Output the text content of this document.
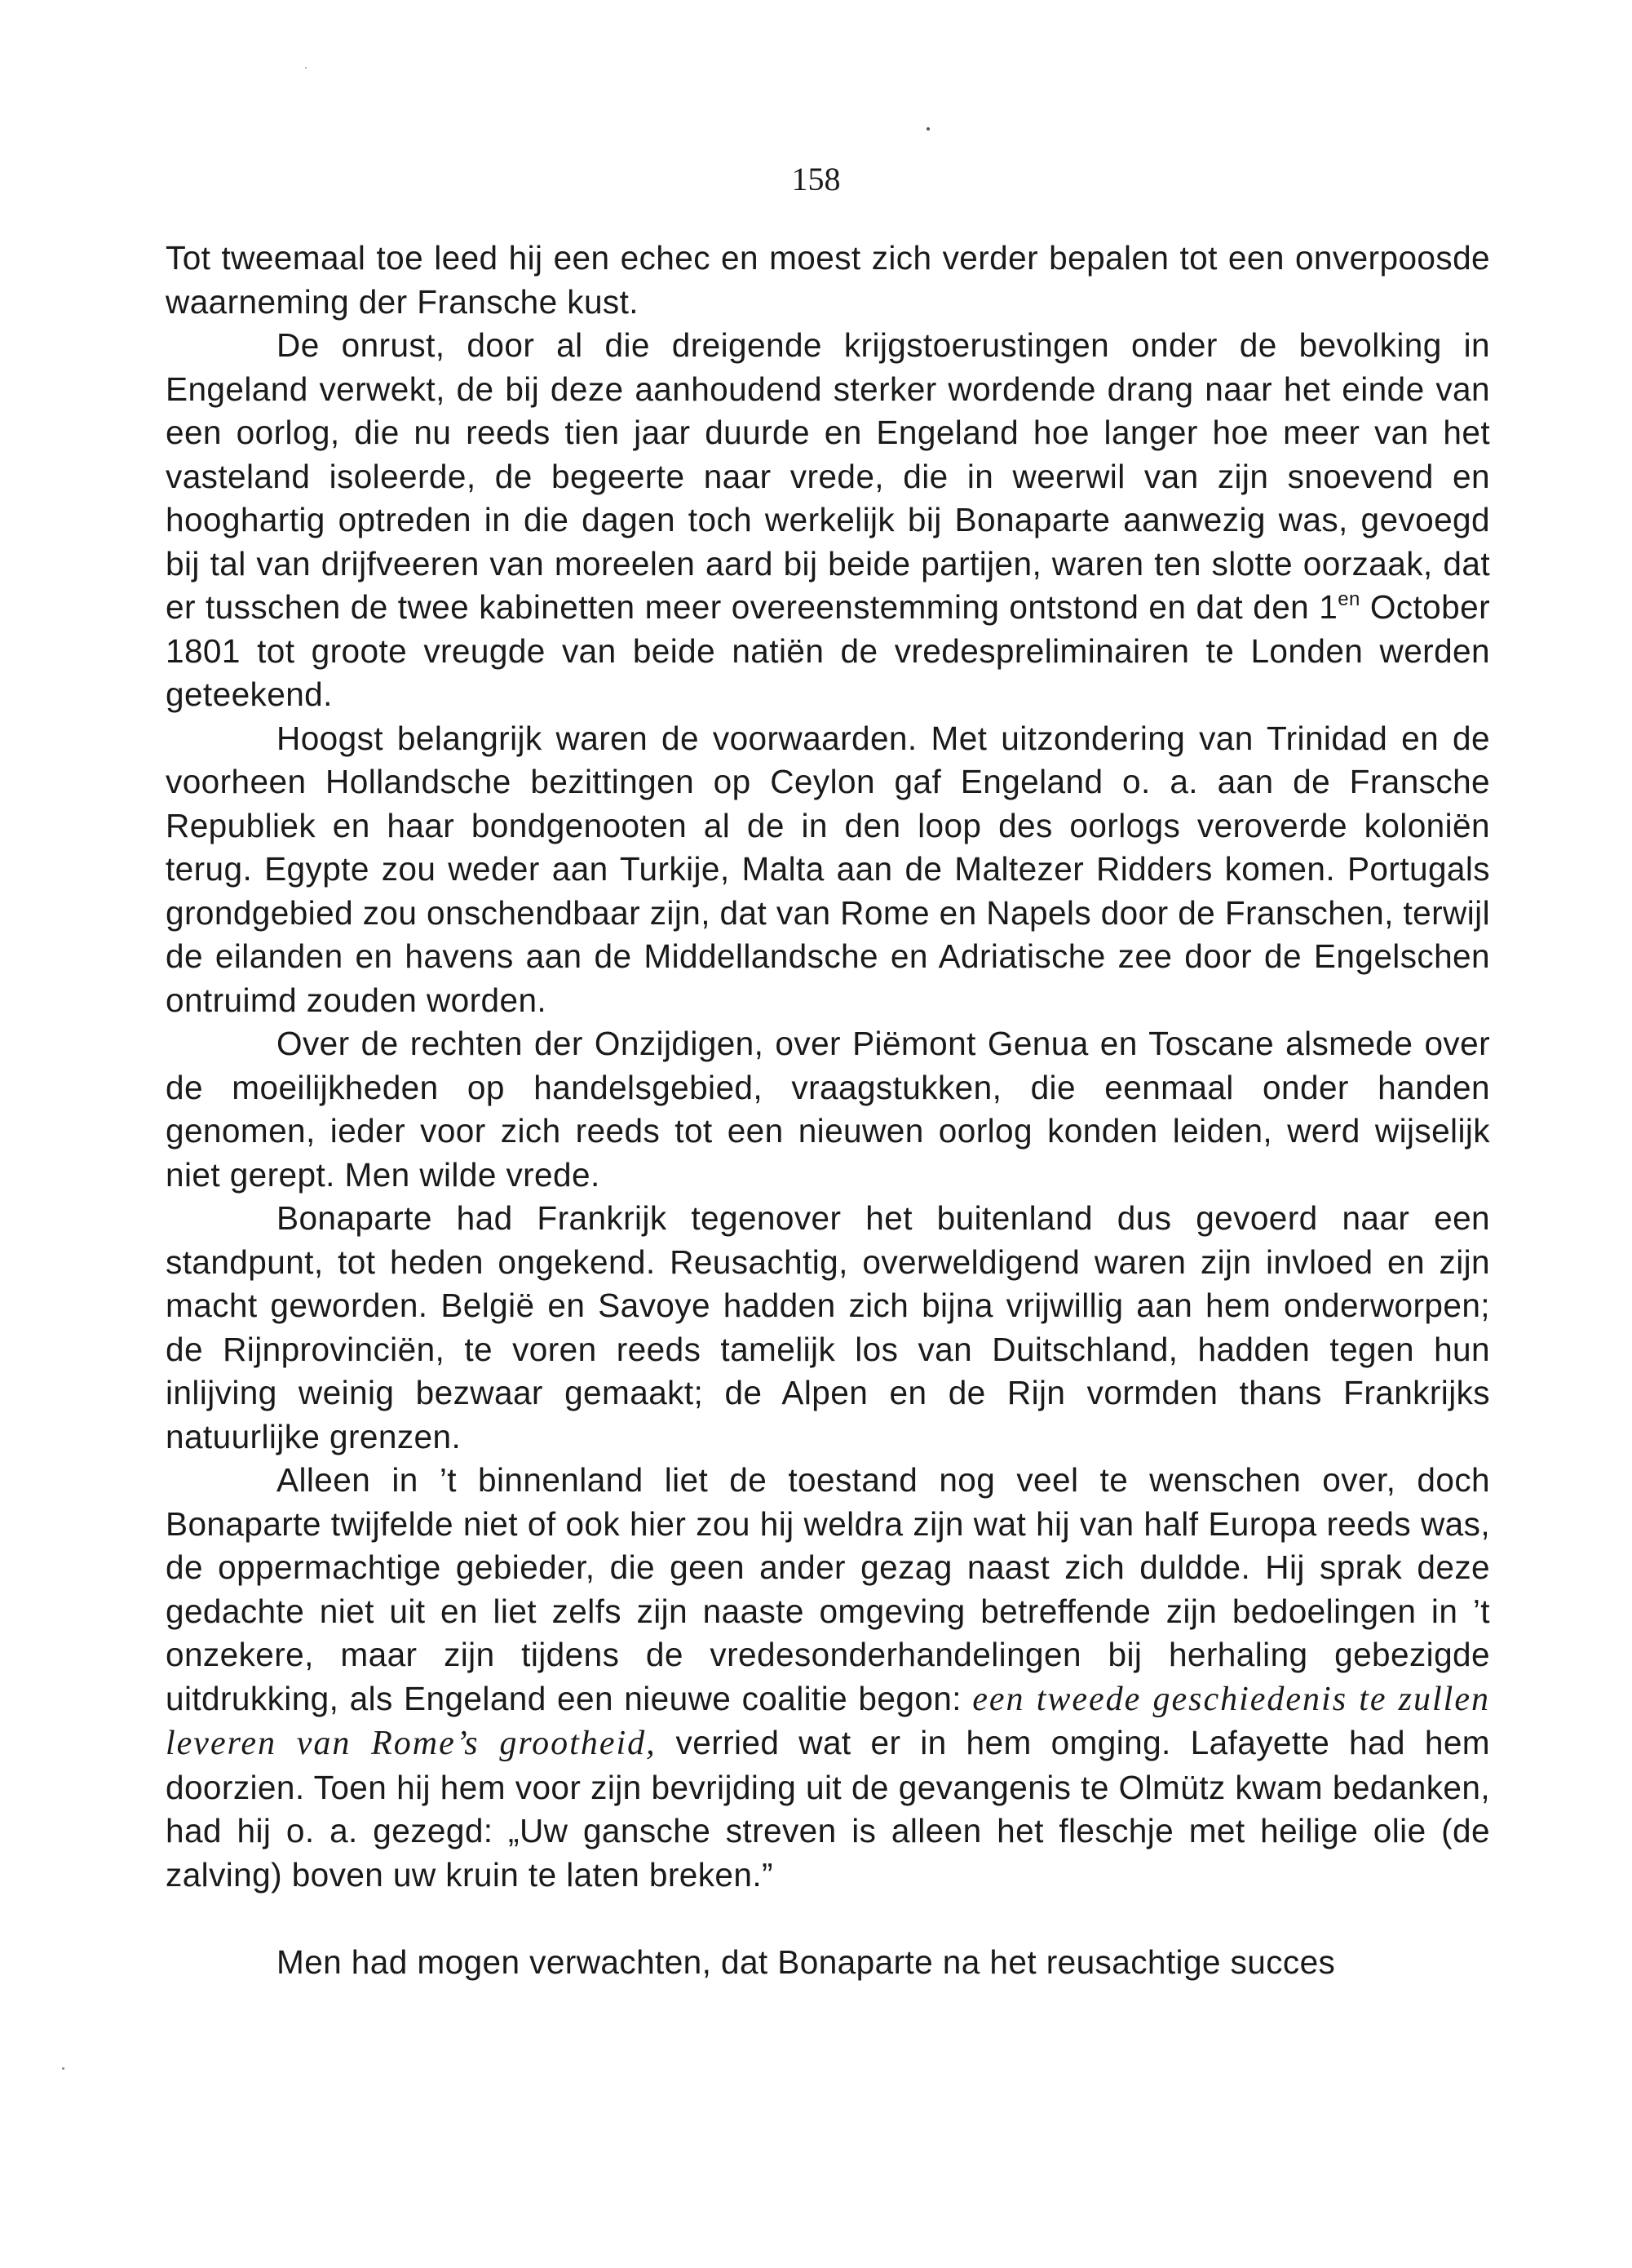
158

Tot tweemaal toe leed hij een echec en moest zich verder bepalen tot een onverpoosde waarneming der Fransche kust.

De onrust, door al die dreigende krijgstoerustingen onder de bevolking in Engeland verwekt, de bij deze aanhoudend sterker wordende drang naar het einde van een oorlog, die nu reeds tien jaar duurde en Engeland hoe langer hoe meer van het vasteland isoleerde, de begeerte naar vrede, die in weerwil van zijn snoevend en hooghartig optreden in die dagen toch werkelijk bij Bonaparte aanwezig was, gevoegd bij tal van drijfveeren van moreelen aard bij beide partijen, waren ten slotte oorzaak, dat er tusschen de twee kabinetten meer overeenstemming ontstond en dat den $1^{en}$ October 1801 tot groote vreugde van beide natiën de vredespreliminairen te Londen werden geteekend.

Hoogst belangrijk waren de voorwaarden. Met uitzondering van Trinidad en de voorheen Hollandsche bezittingen op Ceylon gaf Engeland o. a. aan de Fransche Republiek en haar bondgenooten al de in den loop des oorlogs veroverde koloniën terug. Egypte zou weder aan Turkije, Malta aan de Maltezer Ridders komen. Portugals grondgebied zou onschendbaar zijn, dat van Rome en Napels door de Franschen, terwijl de eilanden en havens aan de Middellandsche en Adriatische zee door de Engelschen ontruimd zouden worden.

Over de rechten der Onzijdigen, over Piëmont Genua en Toscane alsmede over de moeilijkheden op handelsgebied, vraagstukken, die eenmaal onder handen genomen, ieder voor zich reeds tot een nieuwen oorlog konden leiden, werd wijselijk niet gerept. Men wilde vrede.

Bonaparte had Frankrijk tegenover het buitenland dus gevoerd naar een standpunt, tot heden ongekend. Reusachtig, overweldigend waren zijn invloed en zijn macht geworden. België en Savoye hadden zich bijna vrijwillig aan hem onderworpen; de Rijnprovinciën, te voren reeds tamelijk los van Duitschland, hadden tegen hun inlijving weinig bezwaar gemaakt; de Alpen en de Rijn vormden thans Frankrijks natuurlijke grenzen.

Alleen in ’t binnenland liet de toestand nog veel te wenschen over, doch Bonaparte twijfelde niet of ook hier zou hij weldra zijn wat hij van half Europa reeds was, de oppermachtige gebieder, die geen ander gezag naast zich duldde. Hij sprak deze gedachte niet uit en liet zelfs zijn naaste omgeving betreffende zijn bedoelingen in ’t onzekere, maar zijn tijdens de vredesonderhandelingen bij herhaling gebezigde uitdrukking, als Engeland een nieuwe coalitie begon: een tweede geschiedenis te zullen leveren van Rome’s grootheid, verried wat er in hem omging. Lafayette had hem doorzien. Toen hij hem voor zijn bevrijding uit de gevangenis te Olmütz kwam bedanken, had hij o. a. gezegd: „Uw gansche streven is alleen het fleschje met heilige olie (de zalving) boven uw kruin te laten breken.”

Men had mogen verwachten, dat Bonaparte na het reusachtige succes
